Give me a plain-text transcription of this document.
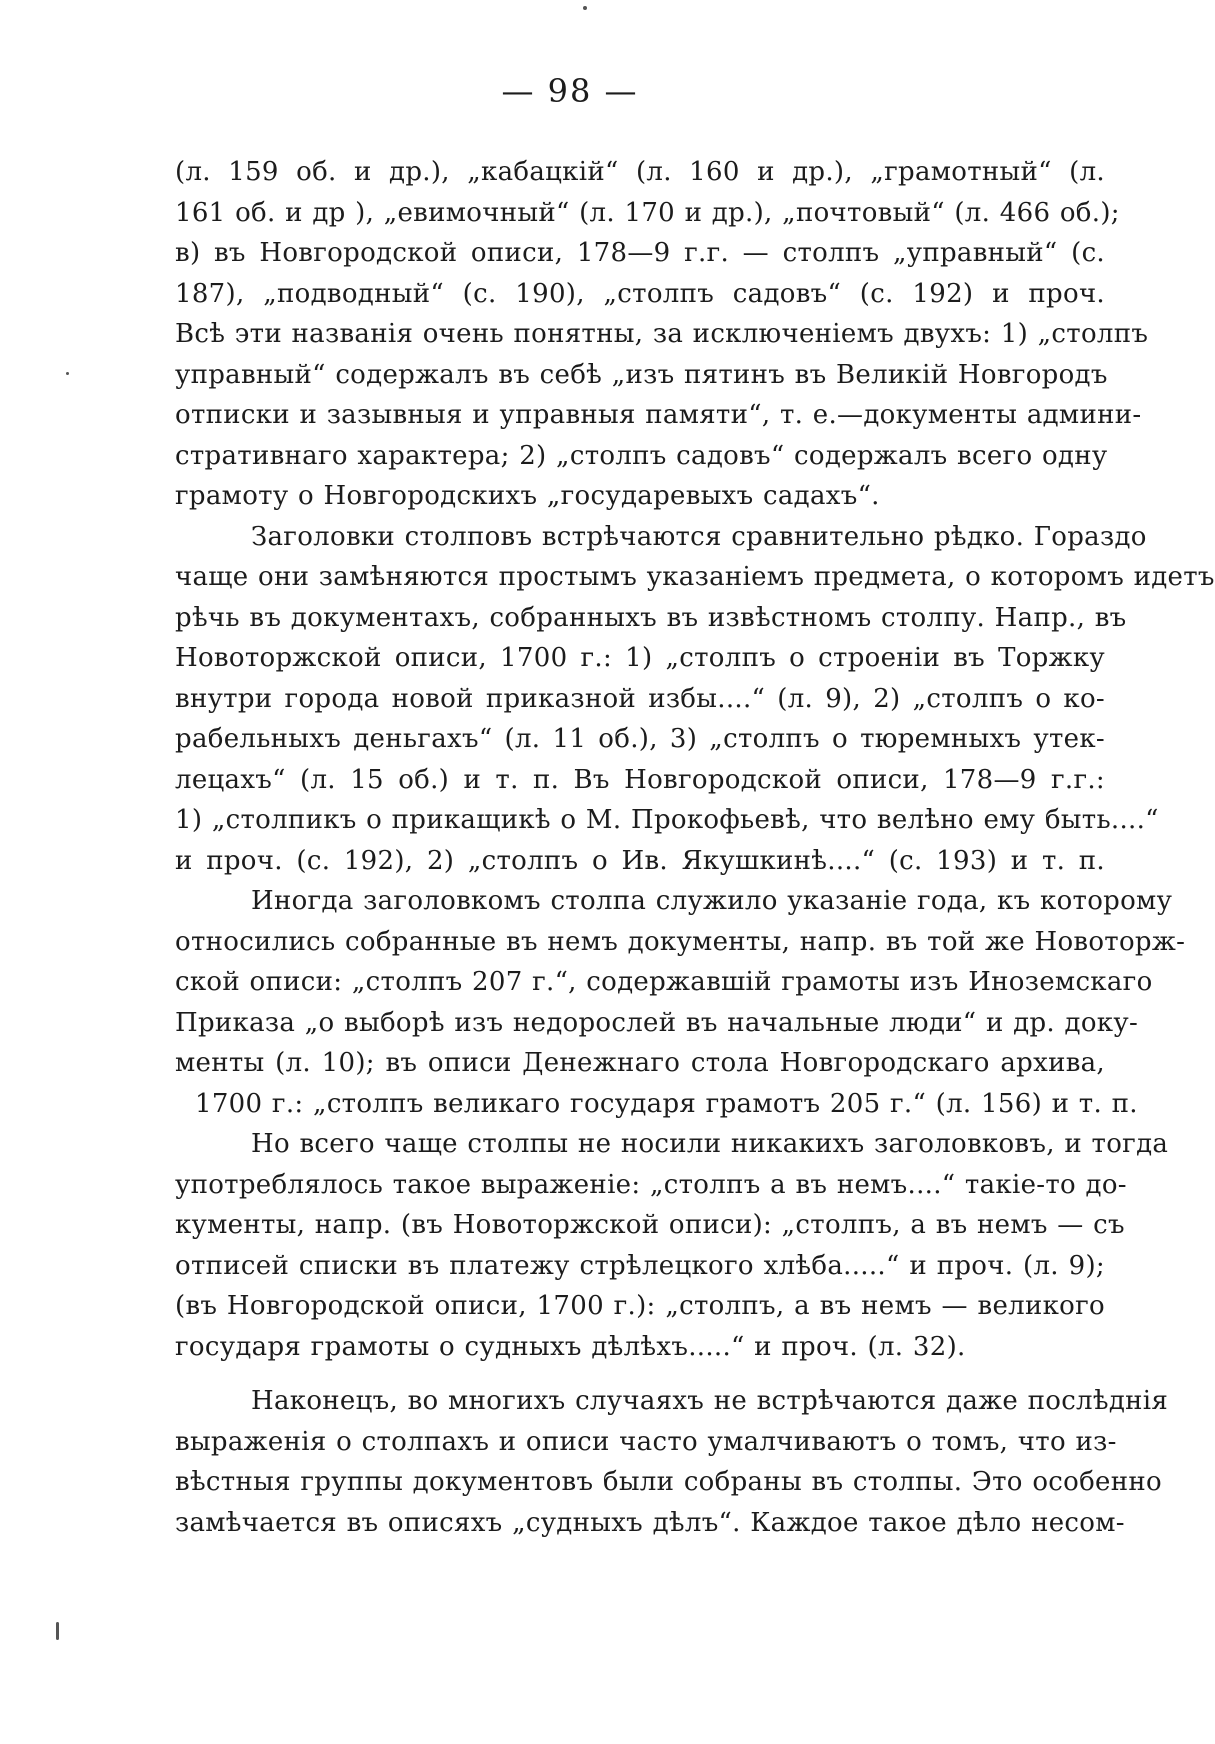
— 98 —
(л. 159 об. и др.), „кабацкій“ (л. 160 и др.), „грамотный“ (л.
161 об. и др ), „евимочный“ (л. 170 и др.), „почтовый“ (л. 466 об.);
в) въ Новгородской описи, 178—9 г.г. — столпъ „управный“ (с.
187), „подводный“ (с. 190), „столпъ садовъ“ (с. 192) и проч.
Всѣ эти названія очень понятны, за исключеніемъ двухъ: 1) „столпъ
управный“ содержалъ въ себѣ „изъ пятинъ въ Великій Новгородъ
отписки и зазывныя и управныя памяти“, т. е.—документы админи-
стративнаго характера; 2) „столпъ садовъ“ содержалъ всего одну
грамоту о Новгородскихъ „государевыхъ садахъ“.
Заголовки столповъ встрѣчаются сравнительно рѣдко. Гораздо
чаще они замѣняются простымъ указаніемъ предмета, о которомъ идетъ
рѣчь въ документахъ, собранныхъ въ извѣстномъ столпу. Напр., въ
Новоторжской описи, 1700 г.: 1) „столпъ о строеніи въ Торжку
внутри города новой приказной избы....“ (л. 9), 2) „столпъ о ко-
рабельныхъ деньгахъ“ (л. 11 об.), 3) „столпъ о тюремныхъ утек-
лецахъ“ (л. 15 об.) и т. п. Въ Новгородской описи, 178—9 г.г.:
1) „столпикъ о прикащикѣ о М. Прокофьевѣ, что велѣно ему быть....“
и проч. (с. 192), 2) „столпъ о Ив. Якушкинѣ....“ (с. 193) и т. п.
Иногда заголовкомъ столпа служило указаніе года, къ которому
относились собранные въ немъ документы, напр. въ той же Новоторж-
ской описи: „столпъ 207 г.“, содержавшій грамоты изъ Иноземскаго
Приказа „о выборѣ изъ недорослей въ начальные люди“ и др. доку-
менты (л. 10); въ описи Денежнаго стола Новгородскаго архива,
1700 г.: „столпъ великаго государя грамотъ 205 г.“ (л. 156) и т. п.
Но всего чаще столпы не носили никакихъ заголовковъ, и тогда
употреблялось такое выраженіе: „столпъ а въ немъ....“ такіе-то до-
кументы, напр. (въ Новоторжской описи): „столпъ, а въ немъ — съ
отписей списки въ платежу стрѣлецкого хлѣба.....“ и проч. (л. 9);
(въ Новгородской описи, 1700 г.): „столпъ, а въ немъ — великого
государя грамоты о судныхъ дѣлѣхъ.....“ и проч. (л. 32).
Наконецъ, во многихъ случаяхъ не встрѣчаются даже послѣднія
выраженія о столпахъ и описи часто умалчиваютъ о томъ, что из-
вѣстныя группы документовъ были собраны въ столпы. Это особенно
замѣчается въ описяхъ „судныхъ дѣлъ“. Каждое такое дѣло несом-
